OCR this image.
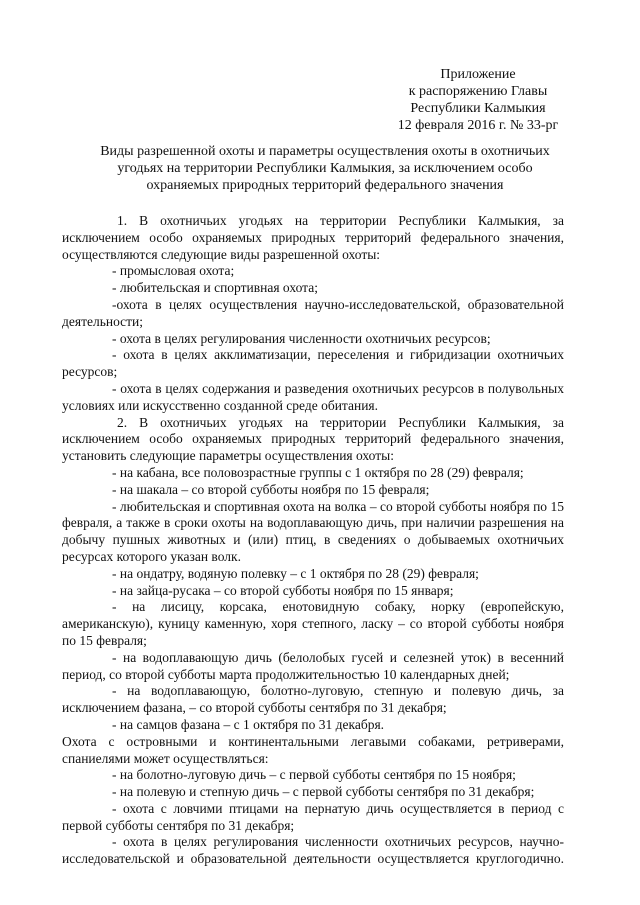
Приложение
к распоряжению Главы
Республики Калмыкия
12 февраля 2016 г. № 33-рг
Виды разрешенной охоты и параметры осуществления охоты в охотничьих
угодьях на территории Республики Калмыкия, за исключением особо
охраняемых природных территорий федерального значения

1. В охотничьих угодьях на территории Республики Калмыкия, за исключением особо охраняемых природных территорий федерального значения, осуществляются следующие виды разрешенной охоты:

- промысловая охота;

- любительская и спортивная охота;

-охота в целях осуществления научно-исследовательской, образовательной деятельности;

- охота в целях регулирования численности охотничьих ресурсов;

- охота в целях акклиматизации, переселения и гибридизации охотничьих ресурсов;

- охота в целях содержания и разведения охотничьих ресурсов в полувольных условиях или искусственно созданной среде обитания.

2. В охотничьих угодьях на территории Республики Калмыкия, за исключением особо охраняемых природных территорий федерального значения, установить следующие параметры осуществления охоты:

- на кабана, все половозрастные группы с 1 октября по 28 (29) февраля;

- на шакала – со второй субботы ноября по 15 февраля;

- любительская и спортивная охота на волка – со второй субботы ноября по 15 февраля, а также в сроки охоты на водоплавающую дичь, при наличии разрешения на добычу пушных животных и (или) птиц, в сведениях о добываемых охотничьих ресурсах которого указан волк.

- на ондатру, водяную полевку – с 1 октября по 28 (29) февраля;

- на зайца-русака – со второй субботы ноября по 15 января;

- на лисицу, корсака, енотовидную собаку, норку (европейскую, американскую), куницу каменную, хоря степного, ласку – со второй субботы ноября по 15 февраля;

- на водоплавающую дичь (белолобых гусей и селезней уток) в весенний период, со второй субботы марта продолжительностью 10 календарных дней;

- на водоплавающую, болотно-луговую, степную и полевую дичь, за исключением фазана, – со второй субботы сентября по 31 декабря;

- на самцов фазана – с 1 октября по 31 декабря.

Охота с островными и континентальными легавыми собаками, ретриверами, спаниелями может осуществляться:

- на болотно-луговую дичь – с первой субботы сентября по 15 ноября;

- на полевую и степную дичь – с первой субботы сентября по 31 декабря;

- охота с ловчими птицами на пернатую дичь осуществляется в период с первой субботы сентября по 31 декабря;

- охота в целях регулирования численности охотничьих ресурсов, научно-исследовательской и образовательной деятельности осуществляется круглогодично.
